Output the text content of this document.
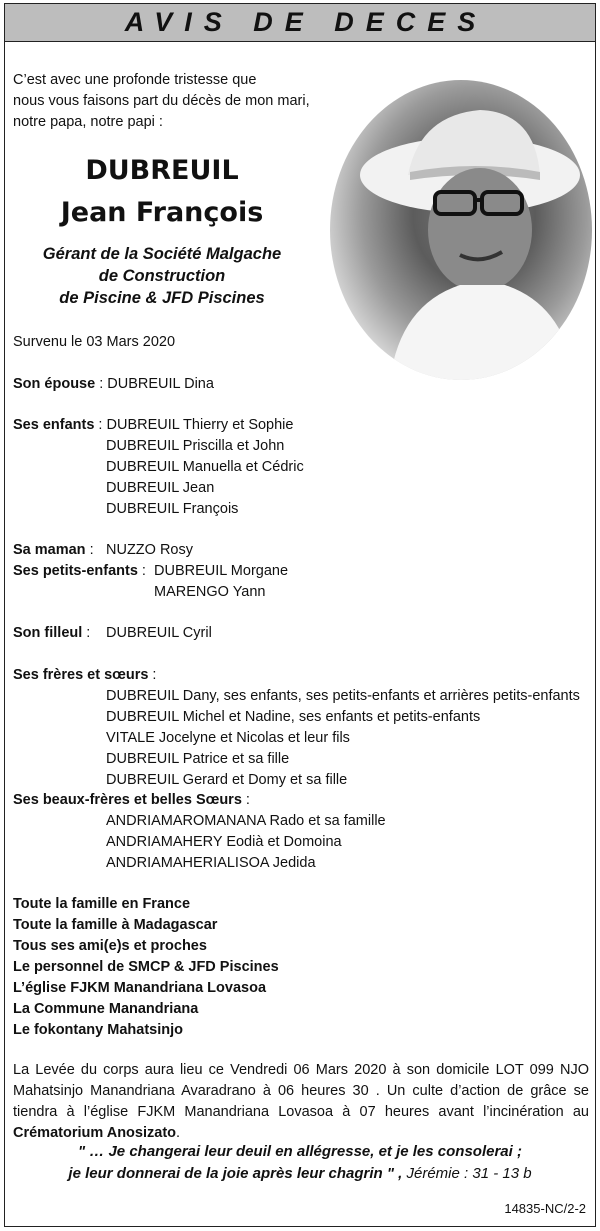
AVIS DE DECES
C’est avec une profonde tristesse que
nous vous faisons part du décès de mon mari,
notre papa, notre papi :
DUBREUIL
Jean François
Gérant de la Société Malgache
de Construction
de Piscine & JFD Piscines
Survenu le 03 Mars 2020
Son épouse : DUBREUIL Dina
Ses enfants : DUBREUIL Thierry et Sophie
DUBREUIL Priscilla et John
DUBREUIL Manuella et Cédric
DUBREUIL Jean
DUBREUIL François
Sa maman : NUZZO Rosy
Ses petits-enfants : DUBREUIL Morgane
MARENGO Yann
Son filleul : DUBREUIL Cyril
Ses frères et sœurs :
DUBREUIL Dany, ses enfants, ses petits-enfants et arrières petits-enfants
DUBREUIL Michel et Nadine, ses enfants et petits-enfants
VITALE Jocelyne et Nicolas et leur fils
DUBREUIL Patrice et sa fille
DUBREUIL Gerard et Domy et sa fille
Ses beaux-frères et belles Sœurs :
ANDRIAMAROMANANA Rado et sa famille
ANDRIAMAHERY Eodià et Domoina
ANDRIAMAHERIALISOA Jedida
Toute la famille en France
Toute la famille à Madagascar
Tous ses ami(e)s et proches
Le personnel de SMCP & JFD Piscines
L’église FJKM Manandriana Lovasoa
La Commune Manandriana
Le fokontany Mahatsinjo
La Levée du corps aura lieu ce Vendredi 06 Mars 2020 à son domicile LOT 099 NJO Mahatsinjo Manandriana Avaradrano à 06 heures 30 . Un culte d’action de grâce se tiendra à l’église FJKM Manandriana Lovasoa à 07 heures avant l’incinération au Crématorium Anosizato.
" … Je changerai leur deuil en allégresse, et je les consolerai ;
je leur donnerai de la joie après leur chagrin " , Jérémie : 31 - 13 b
14835-NC/2-2
